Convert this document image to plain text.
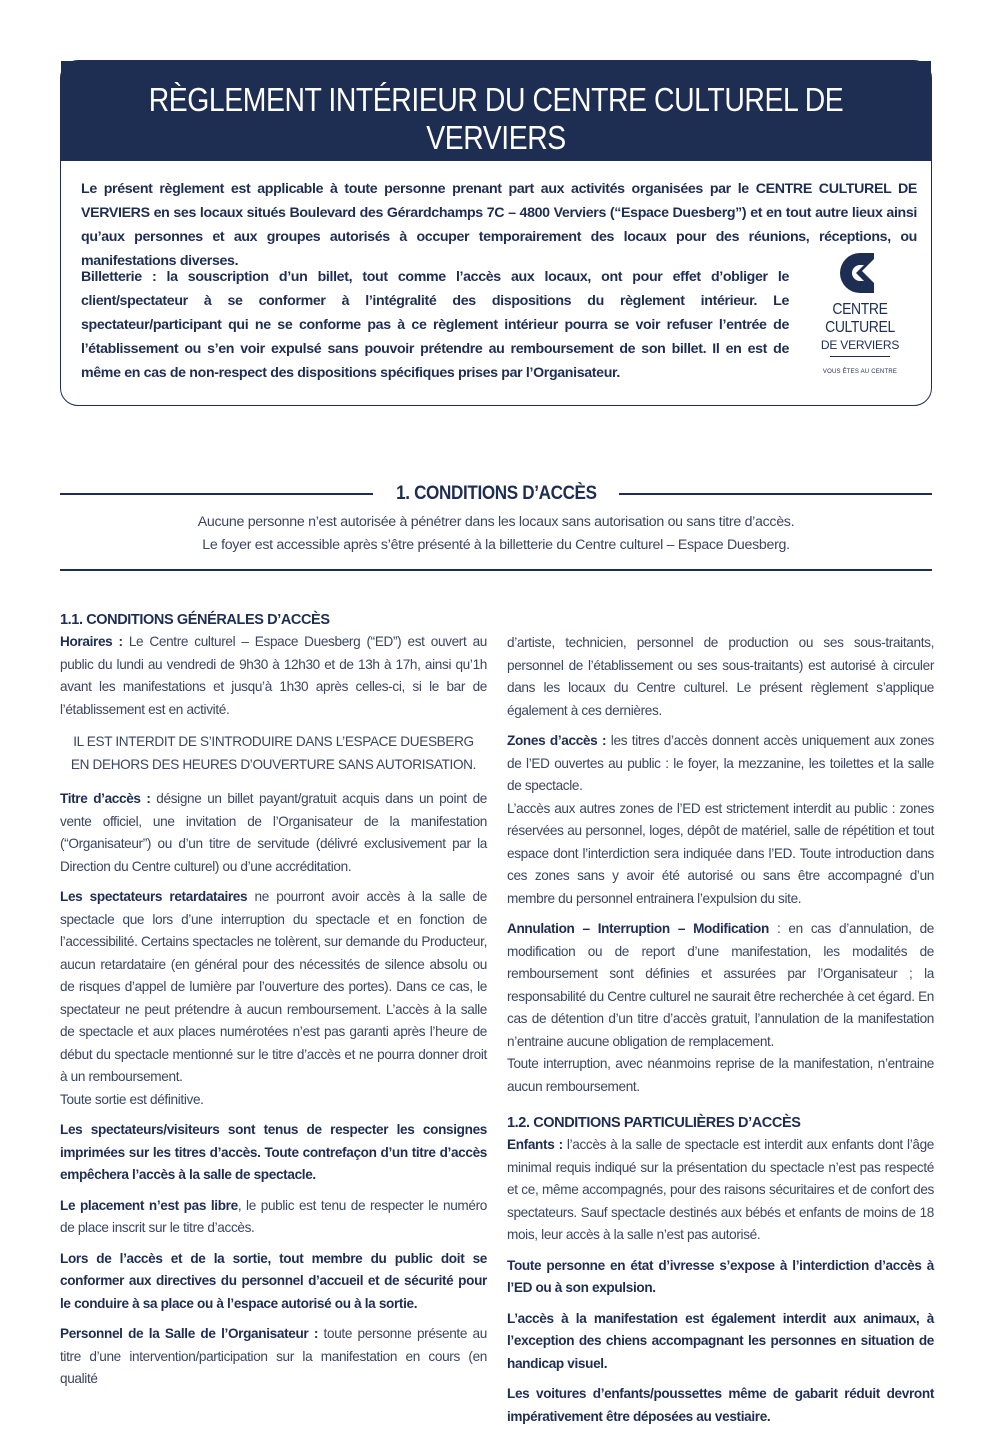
RÈGLEMENT INTÉRIEUR DU CENTRE CULTUREL DE VERVIERS
Mis à jour le 09 octobre 2023

Le présent règlement est applicable à toute personne prenant part aux activités organisées par le CENTRE CULTUREL DE VERVIERS en ses locaux situés Boulevard des Gérardchamps 7C – 4800 Verviers (“Espace Duesberg”) et en tout autre lieux ainsi qu’aux personnes et aux groupes autorisés à occuper temporairement des locaux pour des réunions, réceptions, ou manifestations diverses.

Billetterie : la souscription d’un billet, tout comme l’accès aux locaux, ont pour effet d’obliger le client/spectateur à se conformer à l’intégralité des dispositions du règlement intérieur. Le spectateur/participant qui ne se conforme pas à ce règlement intérieur pourra se voir refuser l’entrée de l’établissement ou s’en voir expulsé sans pouvoir prétendre au remboursement de son billet. Il en est de même en cas de non-respect des dispositions spécifiques prises par l’Organisateur.

CENTRE CULTUREL
DE VERVIERS
VOUS ÊTES AU CENTRE
1. CONDITIONS D’ACCÈS
Aucune personne n’est autorisée à pénétrer dans les locaux sans autorisation ou sans titre d’accès.
Le foyer est accessible après s’être présenté à la billetterie du Centre culturel – Espace Duesberg.
1.1. CONDITIONS GÉNÉRALES D’ACCÈS

Horaires : Le Centre culturel – Espace Duesberg (“ED”) est ouvert au public du lundi au vendredi de 9h30 à 12h30 et de 13h à 17h, ainsi qu’1h avant les manifestations et jusqu’à 1h30 après celles-ci, si le bar de l’établissement est en activité.

IL EST INTERDIT DE S’INTRODUIRE DANS L’ESPACE DUESBERG
EN DEHORS DES HEURES D’OUVERTURE SANS AUTORISATION.

Titre d’accès : désigne un billet payant/gratuit acquis dans un point de vente officiel, une invitation de l’Organisateur de la manifestation (“Organisateur”) ou d’un titre de servitude (délivré exclusivement par la Direction du Centre culturel) ou d’une accréditation.

Les spectateurs retardataires ne pourront avoir accès à la salle de spectacle que lors d’une interruption du spectacle et en fonction de l’accessibilité. Certains spectacles ne tolèrent, sur demande du Producteur, aucun retardataire (en général pour des nécessités de silence absolu ou de risques d’appel de lumière par l’ouverture des portes). Dans ce cas, le spectateur ne peut prétendre à aucun remboursement. L’accès à la salle de spectacle et aux places numérotées n’est pas garanti après l’heure de début du spectacle mentionné sur le titre d’accès et ne pourra donner droit à un remboursement.
Toute sortie est définitive.

Les spectateurs/visiteurs sont tenus de respecter les consignes imprimées sur les titres d’accès. Toute contrefaçon d’un titre d’accès empêchera l’accès à la salle de spectacle.

Le placement n’est pas libre, le public est tenu de respecter le numéro de place inscrit sur le titre d’accès.

Lors de l’accès et de la sortie, tout membre du public doit se conformer aux directives du personnel d’accueil et de sécurité pour le conduire à sa place ou à l’espace autorisé ou à la sortie.

Personnel de la Salle de l’Organisateur : toute personne présente au titre d’une intervention/participation sur la manifestation en cours (en qualité

d’artiste, technicien, personnel de production ou ses sous-traitants, personnel de l’établissement ou ses sous-traitants) est autorisé à circuler dans les locaux du Centre culturel. Le présent règlement s’applique également à ces dernières.

Zones d’accès : les titres d’accès donnent accès uniquement aux zones de l’ED ouvertes au public : le foyer, la mezzanine, les toilettes et la salle de spectacle.
L’accès aux autres zones de l’ED est strictement interdit au public : zones réservées au personnel, loges, dépôt de matériel, salle de répétition et tout espace dont l’interdiction sera indiquée dans l’ED. Toute introduction dans ces zones sans y avoir été autorisé ou sans être accompagné d’un membre du personnel entrainera l’expulsion du site.

Annulation – Interruption – Modification : en cas d’annulation, de modification ou de report d’une manifestation, les modalités de remboursement sont définies et assurées par l’Organisateur ; la responsabilité du Centre culturel ne saurait être recherchée à cet égard. En cas de détention d’un titre d’accès gratuit, l’annulation de la manifestation n’entraine aucune obligation de remplacement.
Toute interruption, avec néanmoins reprise de la manifestation, n’entraine aucun remboursement.

1.2. CONDITIONS PARTICULIÈRES D’ACCÈS

Enfants : l’accès à la salle de spectacle est interdit aux enfants dont l’âge minimal requis indiqué sur la présentation du spectacle n’est pas respecté et ce, même accompagnés, pour des raisons sécuritaires et de confort des spectateurs. Sauf spectacle destinés aux bébés et enfants de moins de 18 mois, leur accès à la salle n’est pas autorisé.

Toute personne en état d’ivresse s’expose à l’interdiction d’accès à l’ED ou à son expulsion.

L’accès à la manifestation est également interdit aux animaux, à l’exception des chiens accompagnant les personnes en situation de handicap visuel.

Les voitures d’enfants/poussettes même de gabarit réduit devront impérativement être déposées au vestiaire.
